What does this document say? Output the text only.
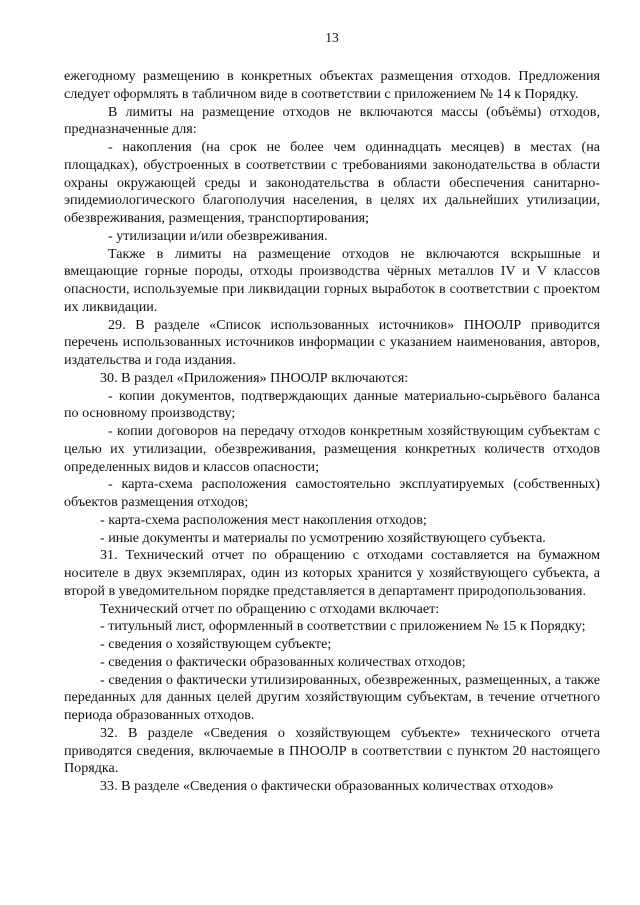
13

ежегодному размещению в конкретных объектах размещения отходов. Предложения следует оформлять в табличном виде в соответствии с приложением № 14 к Порядку.

В лимиты на размещение отходов не включаются массы (объёмы) отходов, предназначенные для:

- накопления (на срок не более чем одиннадцать месяцев) в местах (на площадках), обустроенных в соответствии с требованиями законодательства в области охраны окружающей среды и законодательства в области обеспечения санитарно-эпидемиологического благополучия населения, в целях их дальнейших утилизации, обезвреживания, размещения, транспортирования;

- утилизации и/или обезвреживания.

Также в лимиты на размещение отходов не включаются вскрышные и вмещающие горные породы, отходы производства чёрных металлов IV и V классов опасности, используемые при ликвидации горных выработок в соответствии с проектом их ликвидации.

29. В разделе «Список использованных источников» ПНООЛР приводится перечень использованных источников информации с указанием наименования, авторов, издательства и года издания.

30. В раздел «Приложения» ПНООЛР включаются:

- копии документов, подтверждающих данные материально-сырьёвого баланса по основному производству;

- копии договоров на передачу отходов конкретным хозяйствующим субъектам с целью их утилизации, обезвреживания, размещения конкретных количеств отходов определенных видов и классов опасности;

- карта-схема расположения самостоятельно эксплуатируемых (собственных) объектов размещения отходов;

- карта-схема расположения мест накопления отходов;

- иные документы и материалы по усмотрению хозяйствующего субъекта.

31. Технический отчет по обращению с отходами составляется на бумажном носителе в двух экземплярах, один из которых хранится у хозяйствующего субъекта, а второй в уведомительном порядке представляется в департамент природопользования.

Технический отчет по обращению с отходами включает:

- титульный лист, оформленный в соответствии с приложением № 15 к Порядку;

- сведения о хозяйствующем субъекте;

- сведения о фактически образованных количествах отходов;

- сведения о фактически утилизированных, обезвреженных, размещенных, а также переданных для данных целей другим хозяйствующим субъектам, в течение отчетного периода образованных отходов.

32. В разделе «Сведения о хозяйствующем субъекте» технического отчета приводятся сведения, включаемые в ПНООЛР в соответствии с пунктом 20 настоящего Порядка.

33. В разделе «Сведения о фактически образованных количествах отходов»
